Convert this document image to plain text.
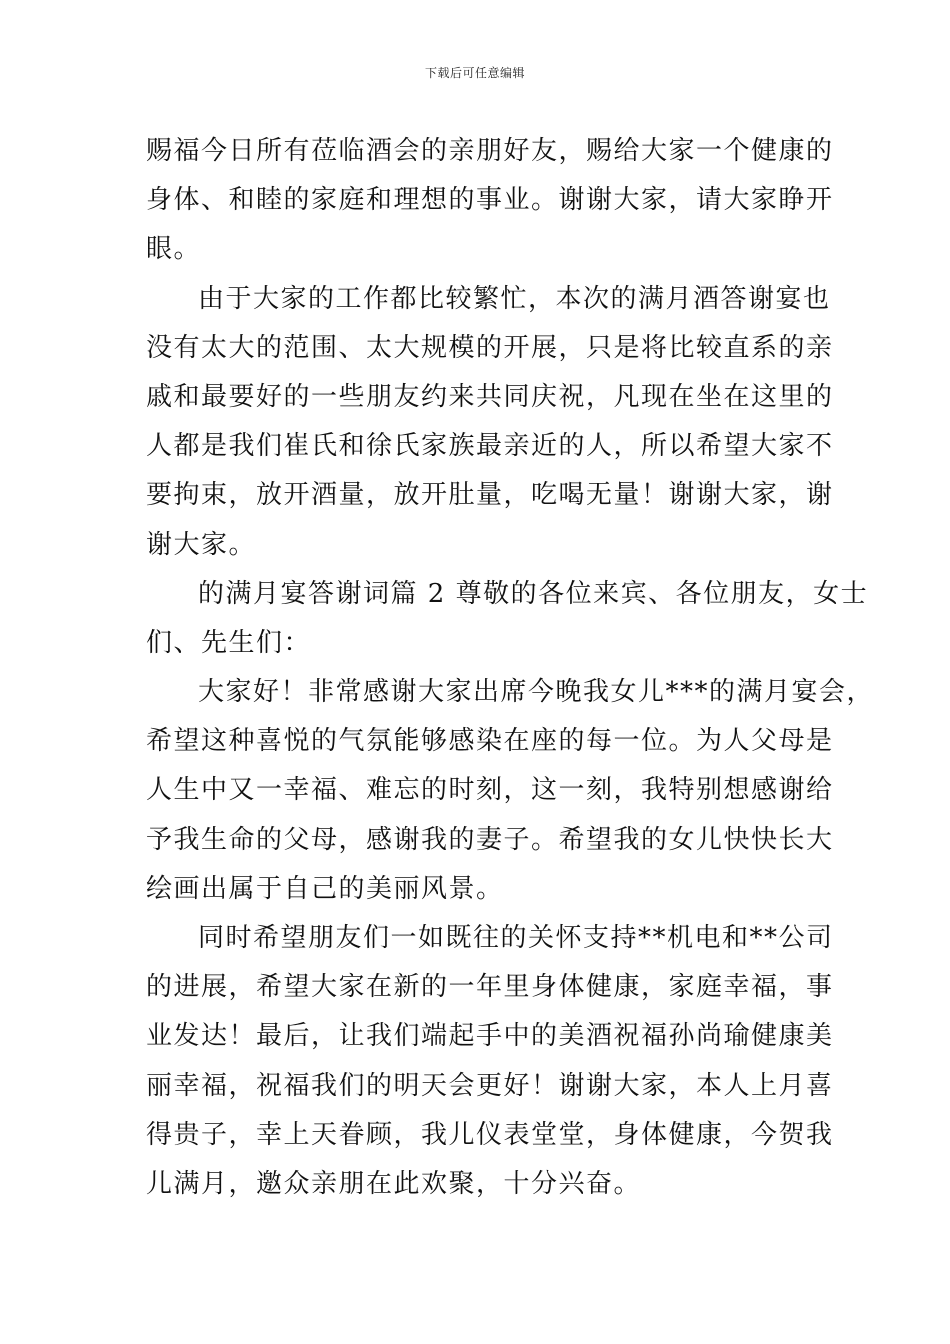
下载后可任意编辑
赐福今日所有莅临酒会的亲朋好友，赐给大家一个健康的
身体、和睦的家庭和理想的事业。谢谢大家，请大家睁开
眼。
由于大家的工作都比较繁忙，本次的满月酒答谢宴也
没有太大的范围、太大规模的开展，只是将比较直系的亲
戚和最要好的一些朋友约来共同庆祝，凡现在坐在这里的
人都是我们崔氏和徐氏家族最亲近的人，所以希望大家不
要拘束，放开酒量，放开肚量，吃喝无量！谢谢大家，谢
谢大家。
的满月宴答谢词篇 2 尊敬的各位来宾、各位朋友，女士
们、先生们：
大家好！非常感谢大家出席今晚我女儿***的满月宴会，
希望这种喜悦的气氛能够感染在座的每一位。为人父母是
人生中又一幸福、难忘的时刻，这一刻，我特别想感谢给
予我生命的父母，感谢我的妻子。希望我的女儿快快长大
绘画出属于自己的美丽风景。
同时希望朋友们一如既往的关怀支持**机电和**公司
的进展，希望大家在新的一年里身体健康，家庭幸福，事
业发达！最后，让我们端起手中的美酒祝福孙尚瑜健康美
丽幸福，祝福我们的明天会更好！谢谢大家，本人上月喜
得贵子，幸上天眷顾，我儿仪表堂堂，身体健康，今贺我
儿满月，邀众亲朋在此欢聚，十分兴奋。
